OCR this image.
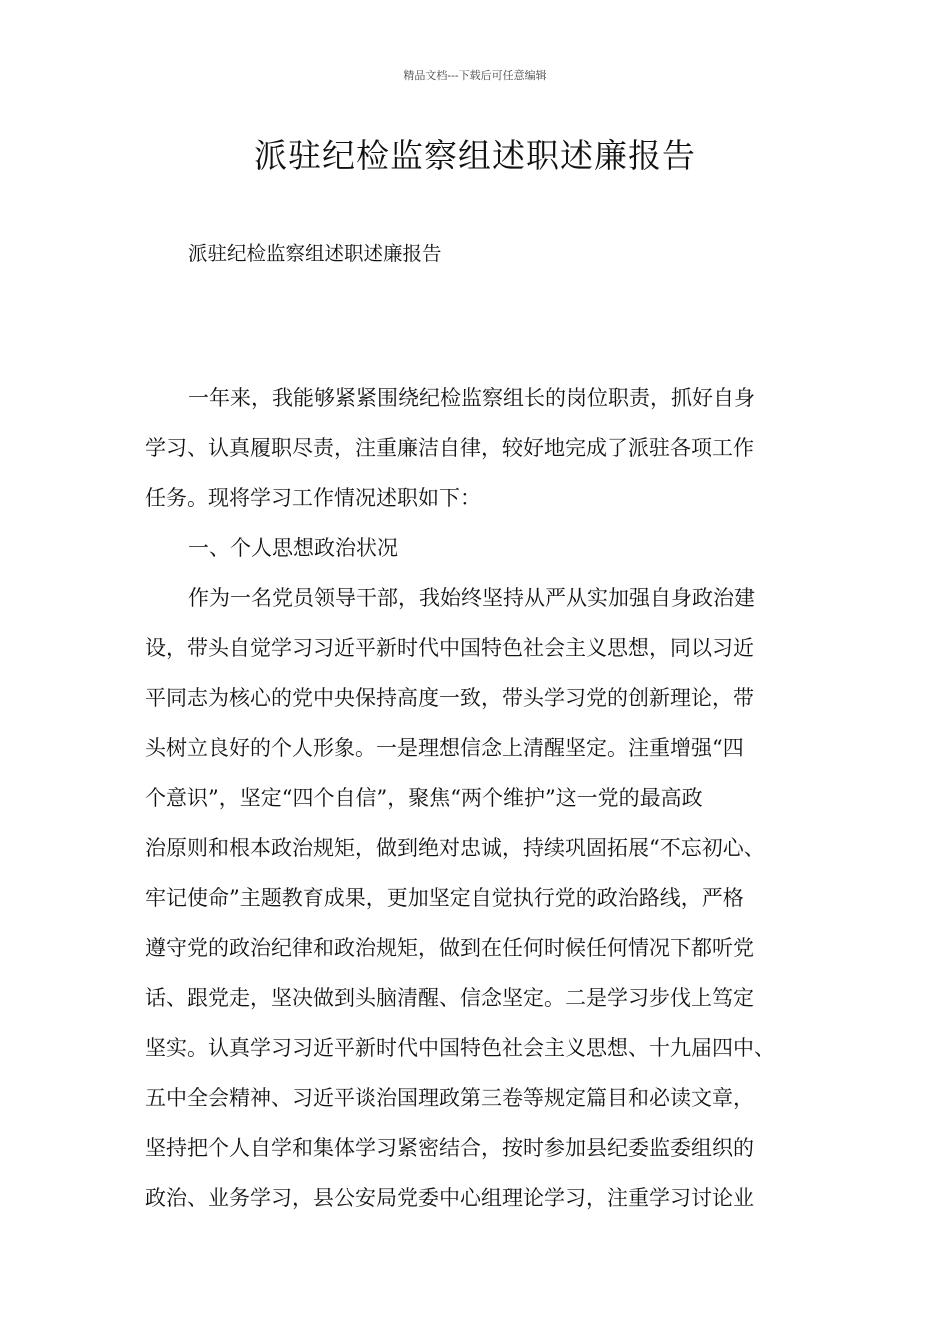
精品文档---下载后可任意编辑
派驻纪检监察组述职述廉报告
派驻纪检监察组述职述廉报告
一年来，我能够紧紧围绕纪检监察组长的岗位职责，抓好自身
学习、认真履职尽责，注重廉洁自律，较好地完成了派驻各项工作
任务。现将学习工作情况述职如下：
一、个人思想政治状况
作为一名党员领导干部，我始终坚持从严从实加强自身政治建
设，带头自觉学习习近平新时代中国特色社会主义思想，同以习近
平同志为核心的党中央保持高度一致，带头学习党的创新理论，带
头树立良好的个人形象。一是理想信念上清醒坚定。注重增强“四
个意识”，坚定“四个自信”，聚焦“两个维护”这一党的最高政
治原则和根本政治规矩，做到绝对忠诚，持续巩固拓展“不忘初心、
牢记使命”主题教育成果，更加坚定自觉执行党的政治路线，严格
遵守党的政治纪律和政治规矩，做到在任何时候任何情况下都听党
话、跟党走，坚决做到头脑清醒、信念坚定。二是学习步伐上笃定
坚实。认真学习习近平新时代中国特色社会主义思想、十九届四中、
五中全会精神、习近平谈治国理政第三卷等规定篇目和必读文章，
坚持把个人自学和集体学习紧密结合，按时参加县纪委监委组织的
政治、业务学习，县公安局党委中心组理论学习，注重学习讨论业
